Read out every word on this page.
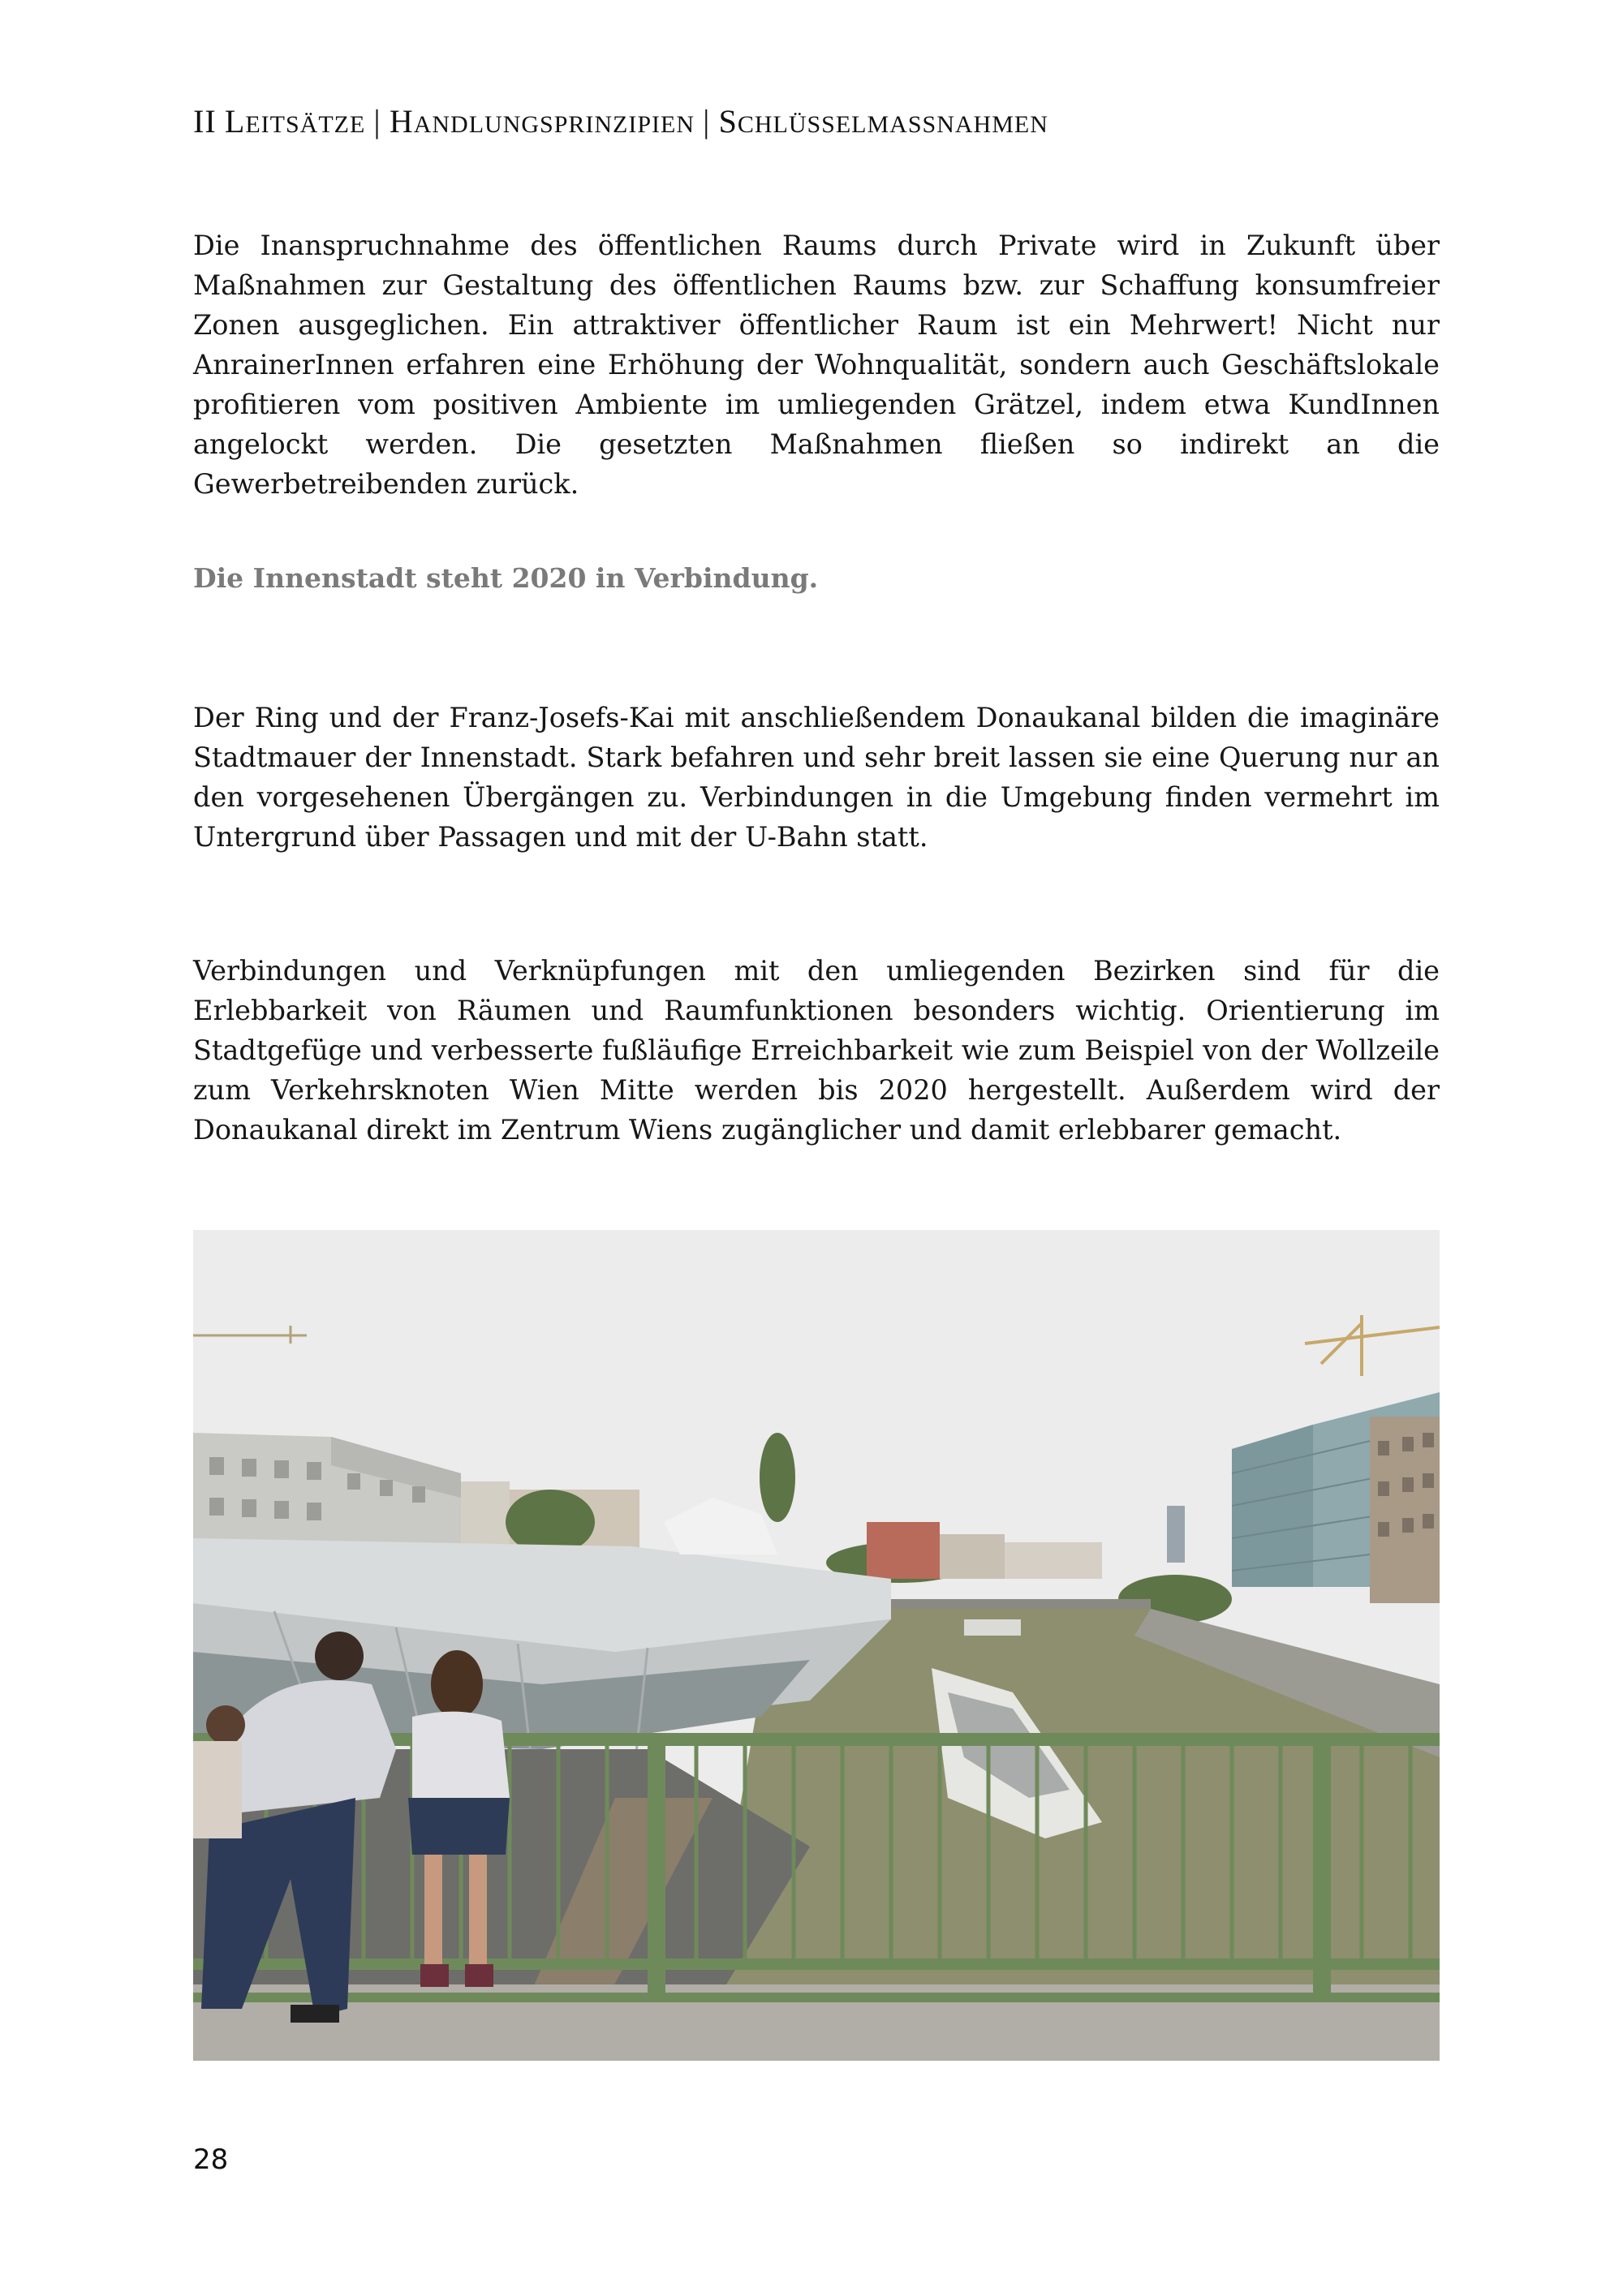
II LEITSÄTZE | HANDLUNGSPRINZIPIEN | SCHLÜSSELMASSNAHMEN

Die Inanspruchnahme des öffentlichen Raums durch Private wird in Zukunft über Maßnahmen zur Gestaltung des öffentlichen Raums bzw. zur Schaffung konsumfreier Zonen ausgeglichen. Ein attraktiver öffentlicher Raum ist ein Mehrwert! Nicht nur AnrainerInnen erfahren eine Erhöhung der Wohnqualität, sondern auch Geschäftslokale profitieren vom positiven Ambiente im umliegenden Grätzel, indem etwa KundInnen angelockt werden. Die gesetzten Maßnahmen fließen so indirekt an die Gewerbetreibenden zurück.

Die Innenstadt steht 2020 in Verbindung.

Der Ring und der Franz-Josefs-Kai mit anschließendem Donaukanal bilden die imaginäre Stadtmauer der Innenstadt. Stark befahren und sehr breit lassen sie eine Querung nur an den vorgesehenen Übergängen zu. Verbindungen in die Umgebung finden vermehrt im Untergrund über Passagen und mit der U-Bahn statt.

Verbindungen und Verknüpfungen mit den umliegenden Bezirken sind für die Erlebbarkeit von Räumen und Raumfunktionen besonders wichtig. Orientierung im Stadtgefüge und verbesserte fußläufige Erreichbarkeit wie zum Beispiel von der Wollzeile zum Verkehrsknoten Wien Mitte werden bis 2020 hergestellt. Außerdem wird der Donaukanal direkt im Zentrum Wiens zugänglicher und damit erlebbarer gemacht.

28
